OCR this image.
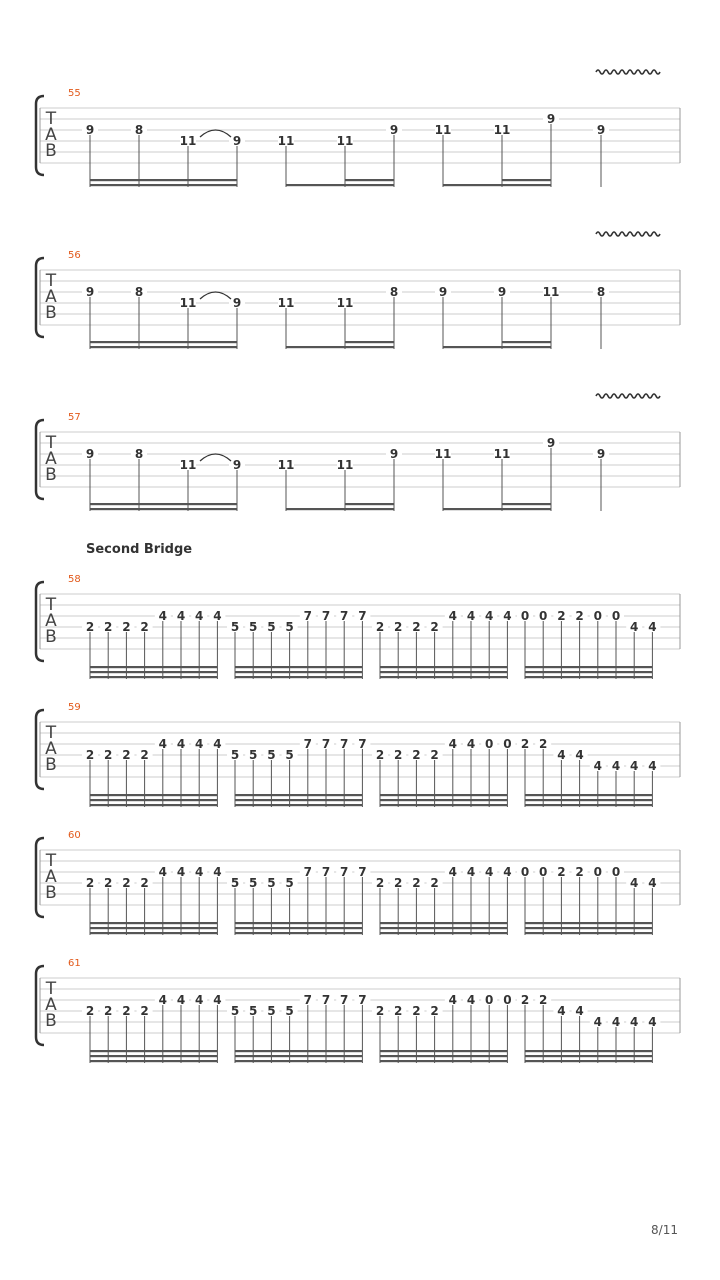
Second Bridge
8/11
T
A
B
55
9	8
11	9	11	11
9	11	11
9
9
T
A
B
56
9	8
11	9	11	11
8	9	9	11	8
T
A
B
57
9	8
11	9	11	11
9	11	11
9
9
T
A
B
58
2 2 2 2
4 4 4 4
5 5 5 5
7 7 7 7
2 2 2 2
4 4 4 4 0 0 2 2 0 0
4 4
T
A
B
59
2 2 2 2
4 4 4 4
5 5 5 5
7 7 7 7
2 2 2 2
4 4 0 0 2 2
4 4
4 4 4 4
T
A
B
60
2 2 2 2
4 4 4 4
5 5 5 5
7 7 7 7
2 2 2 2
4 4 4 4 0 0 2 2 0 0
4 4
T
A
B
61
2 2 2 2
4 4 4 4
5 5 5 5
7 7 7 7
2 2 2 2
4 4 0 0 2 2
4 4
4 4 4 4
